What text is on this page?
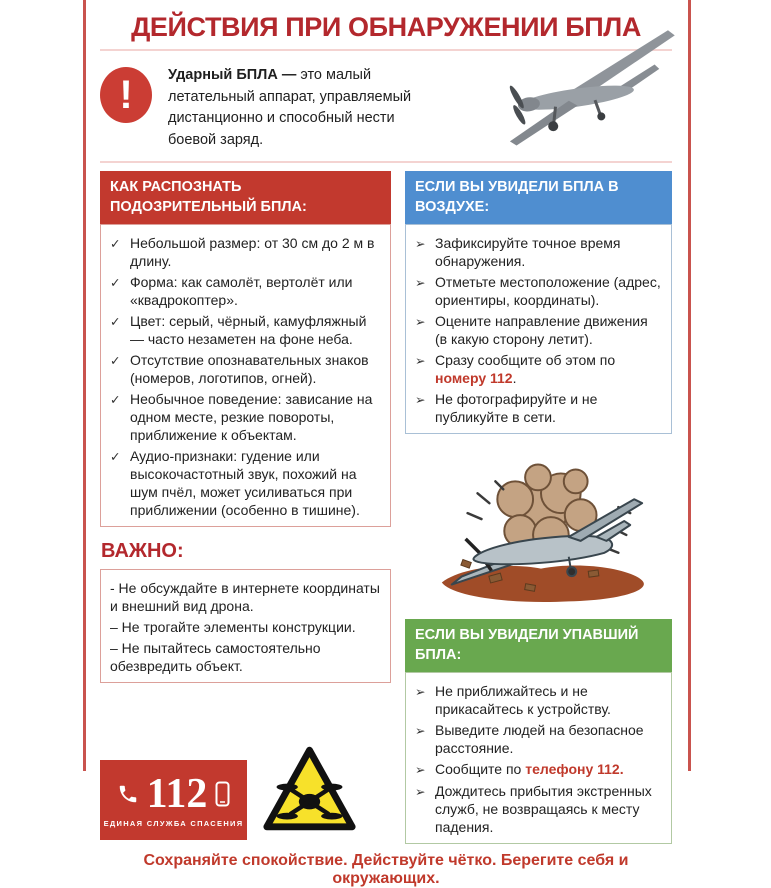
ДЕЙСТВИЯ ПРИ ОБНАРУЖЕНИИ БПЛА
! Ударный БПЛА — это малый летательный аппарат, управляемый дистанционно и способный нести боевой заряд.

КАК РАСПОЗНАТЬ ПОДОЗРИТЕЛЬНЫЙ БПЛА:
✓ Небольшой размер: от 30 см до 2 м в длину.
✓ Форма: как самолёт, вертолёт или «квадрокоптер».
✓ Цвет: серый, чёрный, камуфляжный — часто незаметен на фоне неба.
✓ Отсутствие опознавательных знаков (номеров, логотипов, огней).
✓ Необычное поведение: зависание на одном месте, резкие повороты, приближение к объектам.
✓ Аудио-признаки: гудение или высокочастотный звук, похожий на шум пчёл, может усиливаться при приближении (особенно в тишине).
ВАЖНО:
- Не обсуждайте в интернете координаты и внешний вид дрона.
– Не трогайте элементы конструкции.
– Не пытайтесь самостоятельно обезвредить объект.
112
ЕДИНАЯ СЛУЖБА СПАСЕНИЯ
ЕСЛИ ВЫ УВИДЕЛИ БПЛА В ВОЗДУХЕ:
➢ Зафиксируйте точное время обнаружения.
➢ Отметьте местоположение (адрес, ориентиры, координаты).
➢ Оцените направление движения (в какую сторону летит).
➢ Сразу сообщите об этом по номеру 112.
➢ Не фотографируйте и не публикуйте в сети.
ЕСЛИ ВЫ УВИДЕЛИ УПАВШИЙ БПЛА:
➢ Не приближайтесь и не прикасайтесь к устройству.
➢ Выведите людей на безопасное расстояние.
➢ Сообщите по телефону 112.
➢ Дождитесь прибытия экстренных служб, не возвращаясь к месту падения.
Сохраняйте спокойствие. Действуйте чётко. Берегите себя и окружающих.
